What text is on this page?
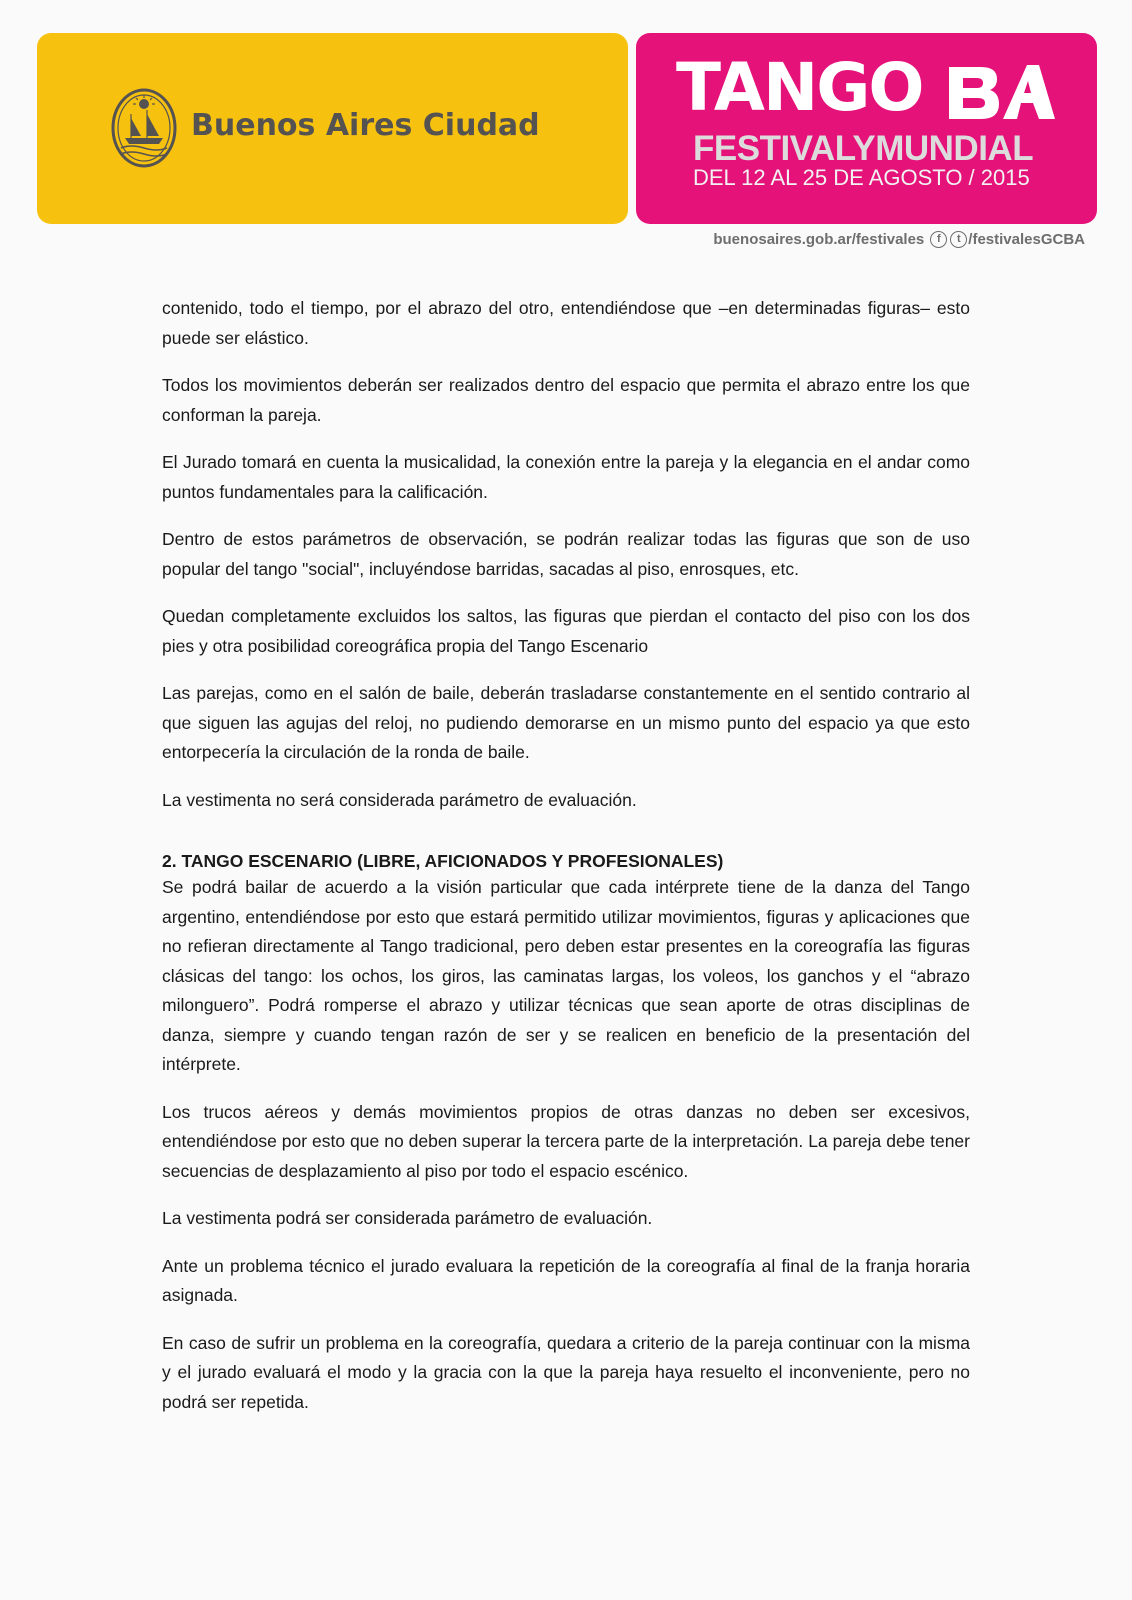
Buenos Aires Ciudad TANGO
FESTIVALYMUNDIAL
DEL 12 AL 25 DE AGOSTO / 2015
buenosaires.gob.ar/festivales	f	t /festivalesGCBA

contenido, todo el tiempo, por el abrazo del otro, entendiéndose que –en determinadas figuras– esto puede ser elástico.

Todos los movimientos deberán ser realizados dentro del espacio que permita el abrazo entre los que conforman la pareja.

El Jurado tomará en cuenta la musicalidad, la conexión entre la pareja y la elegancia en el andar como puntos fundamentales para la calificación.

Dentro de estos parámetros de observación, se podrán realizar todas las figuras que son de uso popular del tango "social", incluyéndose barridas, sacadas al piso, enrosques, etc.

Quedan completamente excluidos los saltos, las figuras que pierdan el contacto del piso con los dos pies y otra posibilidad coreográfica propia del Tango Escenario

Las parejas, como en el salón de baile, deberán trasladarse constantemente en el sentido contrario al que siguen las agujas del reloj, no pudiendo demorarse en un mismo punto del espacio ya que esto entorpecería la circulación de la ronda de baile.

La vestimenta no será considerada parámetro de evaluación.

2. TANGO ESCENARIO (LIBRE, AFICIONADOS Y PROFESIONALES)

Se podrá bailar de acuerdo a la visión particular que cada intérprete tiene de la danza del Tango argentino, entendiéndose por esto que estará permitido utilizar movimientos, figuras y aplicaciones que no refieran directamente al Tango tradicional, pero deben estar presentes en la coreografía las figuras clásicas del tango: los ochos, los giros, las caminatas largas, los voleos, los ganchos y el “abrazo milonguero”. Podrá romperse el abrazo y utilizar técnicas que sean aporte de otras disciplinas de danza, siempre y cuando tengan razón de ser y se realicen en beneficio de la presentación del intérprete.

Los trucos aéreos y demás movimientos propios de otras danzas no deben ser excesivos, entendiéndose por esto que no deben superar la tercera parte de la interpretación. La pareja debe tener secuencias de desplazamiento al piso por todo el espacio escénico.

La vestimenta podrá ser considerada parámetro de evaluación.

Ante un problema técnico el jurado evaluara la repetición de la coreografía al final de la franja horaria asignada.

En caso de sufrir un problema en la coreografía, quedara a criterio de la pareja continuar con la misma y el jurado evaluará el modo y la gracia con la que la pareja haya resuelto el inconveniente, pero no podrá ser repetida.
